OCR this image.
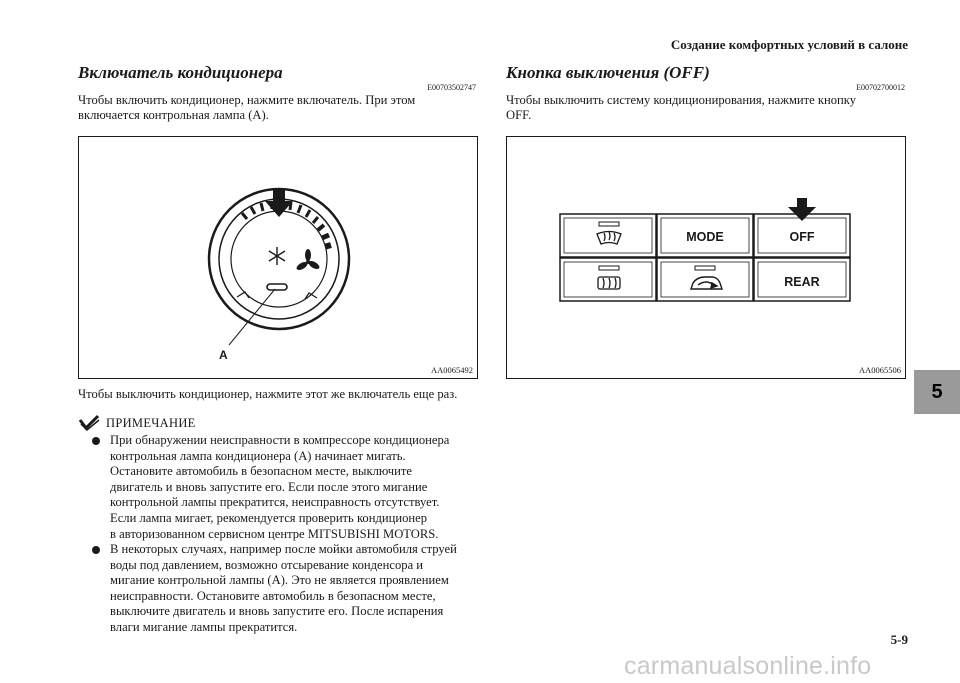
Создание комфортных условий в салоне
Включатель кондиционера
E00703502747
Чтобы включить кондиционер, нажмите включатель. При этом
включается контрольная лампа (A).
A
AA0065492
Чтобы выключить кондиционер, нажмите этот же включатель еще раз.
ПРИМЕЧАНИЕ
При обнаружении неисправности в компрессоре кондиционера
контрольная лампа кондиционера (A) начинает мигать.
Остановите автомобиль в безопасном месте, выключите
двигатель и вновь запустите его. Если после этого мигание
контрольной лампы прекратится, неисправность отсутствует.
Если лампа мигает, рекомендуется проверить кондиционер
в авторизованном сервисном центре MITSUBISHI MOTORS.
В некоторых случаях, например после мойки автомобиля струей
воды под давлением, возможно отсыревание конденсора и
мигание контрольной лампы (A). Это не является проявлением
неисправности. Остановите автомобиль в безопасном месте,
выключите двигатель и вновь запустите его. После испарения
влаги мигание лампы прекратится.
Кнопка выключения (OFF)
E00702700012
Чтобы выключить систему кондиционирования, нажмите кнопку
OFF.
MODE	OFF
REAR
AA0065506
5
5-9
carmanualsonline.info
